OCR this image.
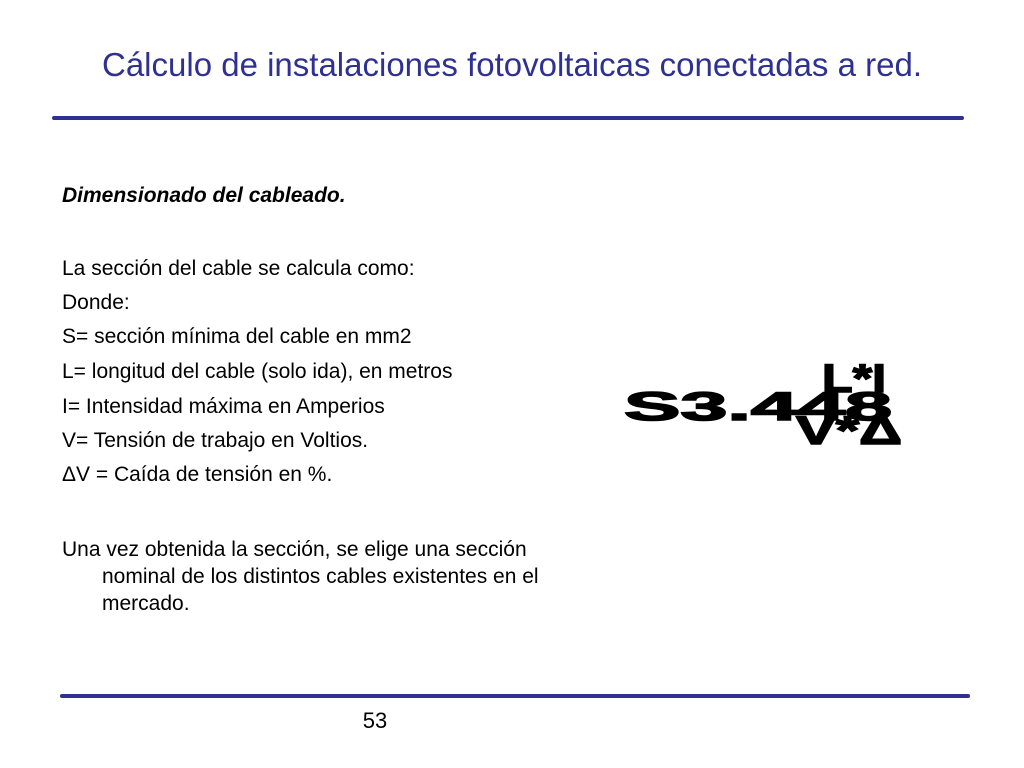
Cálculo de instalaciones fotovoltaicas conectadas a red.
Dimensionado del cableado.
La sección del cable se calcula como:
Donde:
S= sección mínima del cable en mm2
L= longitud del cable (solo ida), en metros
I= Intensidad máxima en Amperios
V= Tensión de trabajo en Voltios.
ΔV = Caída de tensión en %.
Una vez obtenida la sección, se elige una sección
nominal de los distintos cables existentes en el
mercado.
L*I
S3.448
V*Δ
53
